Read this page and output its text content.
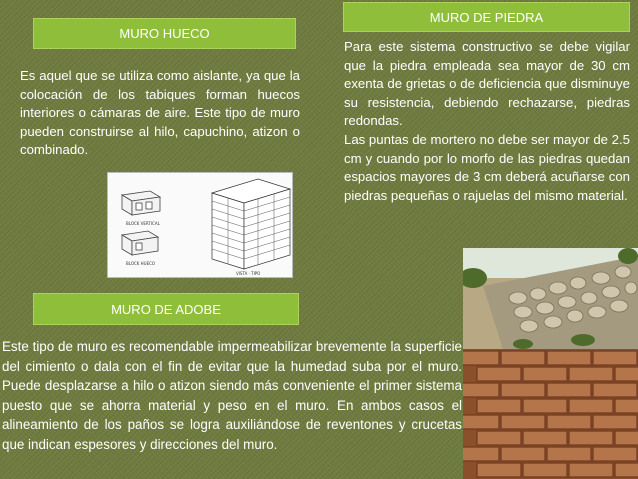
MURO HUECO

Es aquel que se utiliza como aislante, ya que la colocación de los tabiques forman huecos interiores o cámaras de aire. Este tipo de muro pueden construirse al hilo, capuchino, atizon o combinado.

BLOCK VERTICAL
BLOCK HUECO
VISTA · TIPO
MURO DE PIEDRA

Para este sistema constructivo se debe vigilar que la piedra empleada sea mayor de 30 cm exenta de grietas o de deficiencia que disminuye su resistencia, debiendo rechazarse, piedras redondas.

Las puntas de mortero no debe ser mayor de 2.5 cm y cuando por lo morfo de las piedras quedan espacios mayores de 3 cm deberá acuñarse con piedras pequeñas o rajuelas del mismo material.

MURO DE ADOBE

Este tipo de muro es recomendable impermeabilizar brevemente la superficie del cimiento o dala con el fin de evitar que la humedad suba por el muro. Puede desplazarse a hilo o atizon siendo más conveniente el primer sistema puesto que se ahorra material y peso en el muro. En ambos casos el alineamiento de los paños se logra auxiliándose de reventones y crucetas que indican espesores y direcciones del muro.
